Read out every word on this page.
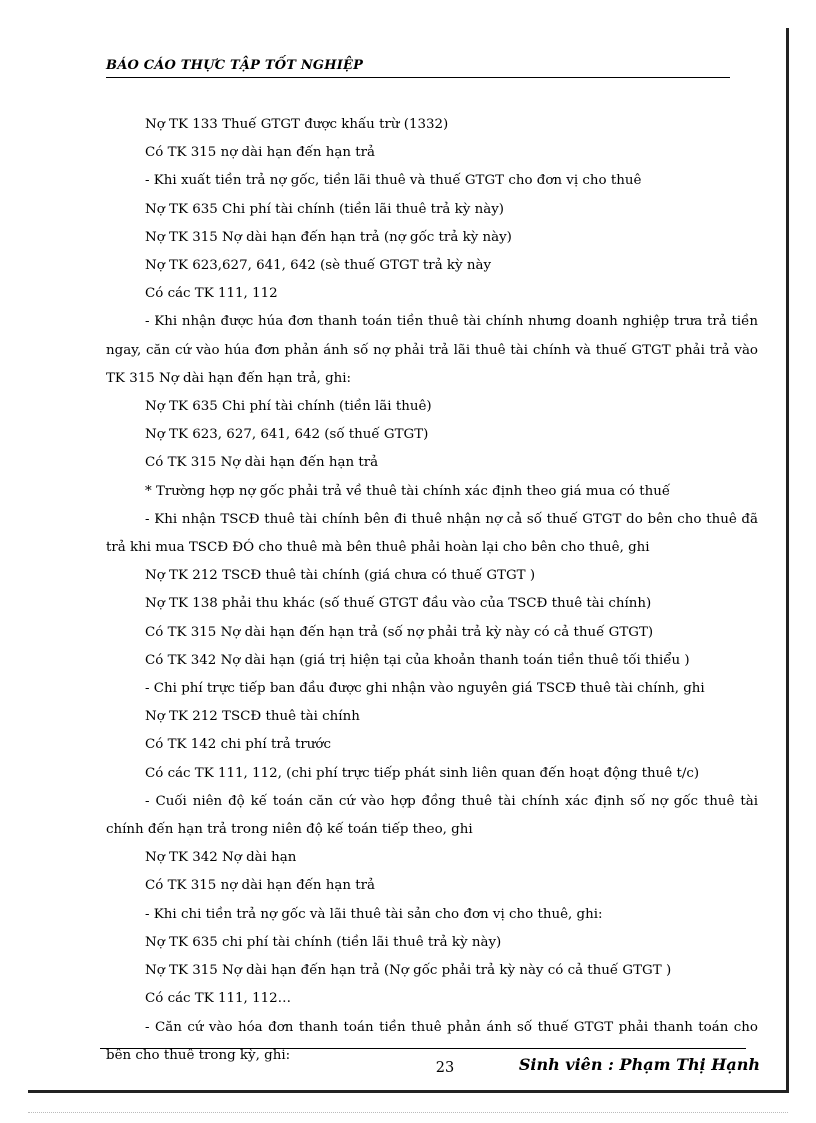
BÁO CÁO THỰC TẬP TỐT NGHIỆP

Nợ TK 133 Thuế GTGT được khấu trừ (1332)

Có TK 315 nợ dài hạn đến hạn trả

- Khi xuất tiền trả nợ gốc, tiền lãi thuê và thuế GTGT cho đơn vị cho thuê

Nợ TK 635 Chi phí tài chính (tiền lãi thuê trả kỳ này)

Nợ TK 315 Nợ dài hạn đến hạn trả (nợ gốc trả kỳ này)

Nợ TK 623,627, 641, 642 (sè thuế GTGT trả kỳ này

Có các TK 111, 112

- Khi nhận được húa đơn thanh toán tiền thuê tài chính nhưng doanh nghiệp trưa trả tiền ngay, căn cứ vào húa đơn phản ánh số nợ phải trả lãi thuê tài chính và thuế GTGT phải trả vào TK 315 Nợ dài hạn đến hạn trả, ghi:

Nợ TK 635 Chi phí tài chính (tiền lãi thuê)

Nợ TK 623, 627, 641, 642 (số thuế GTGT)

Có TK 315 Nợ dài hạn đến hạn trả

* Trường hợp nợ gốc phải trả về thuê tài chính xác định theo giá mua có thuế

- Khi nhận TSCĐ thuê tài chính bên đi thuê nhận nợ cả số thuế GTGT do bên cho thuê đã trả khi mua TSCĐ ĐÓ cho thuê mà bên thuê phải hoàn lại cho bên cho thuê, ghi

Nợ TK 212 TSCĐ thuê tài chính (giá chưa có thuế GTGT )

Nợ TK 138 phải thu khác (số thuế GTGT đầu vào của TSCĐ thuê tài chính)

Có TK 315 Nợ dài hạn đến hạn trả (số nợ phải trả kỳ này có cả thuế GTGT)

Có TK 342 Nợ dài hạn (giá trị hiện tại của khoản thanh toán tiền thuê tối thiểu )

- Chi phí trực tiếp ban đầu được ghi nhận vào nguyên giá TSCĐ thuê tài chính, ghi

Nợ TK 212 TSCĐ thuê tài chính

Có TK 142 chi phí trả trước

Có các TK 111, 112, (chi phí trực tiếp phát sinh liên quan đến hoạt động thuê t/c)

- Cuối niên độ kế toán căn cứ vào hợp đồng thuê tài chính xác định số nợ gốc thuê tài chính đến hạn trả trong niên độ kế toán tiếp theo, ghi

Nợ TK 342 Nợ dài hạn

Có TK 315 nợ dài hạn đến hạn trả

- Khi chi tiền trả nợ gốc và lãi thuê tài sản cho đơn vị cho thuê, ghi:

Nợ TK 635 chi phí tài chính (tiền lãi thuê trả kỳ này)

Nợ TK 315 Nợ dài hạn đến hạn trả (Nợ gốc phải trả kỳ này có cả thuế GTGT )

Có các TK 111, 112…

- Căn cứ vào hóa đơn thanh toán tiền thuê phản ánh số thuế GTGT phải thanh toán cho bên cho thuê trong kỳ, ghi:

23	Sinh viên : Phạm Thị Hạnh
